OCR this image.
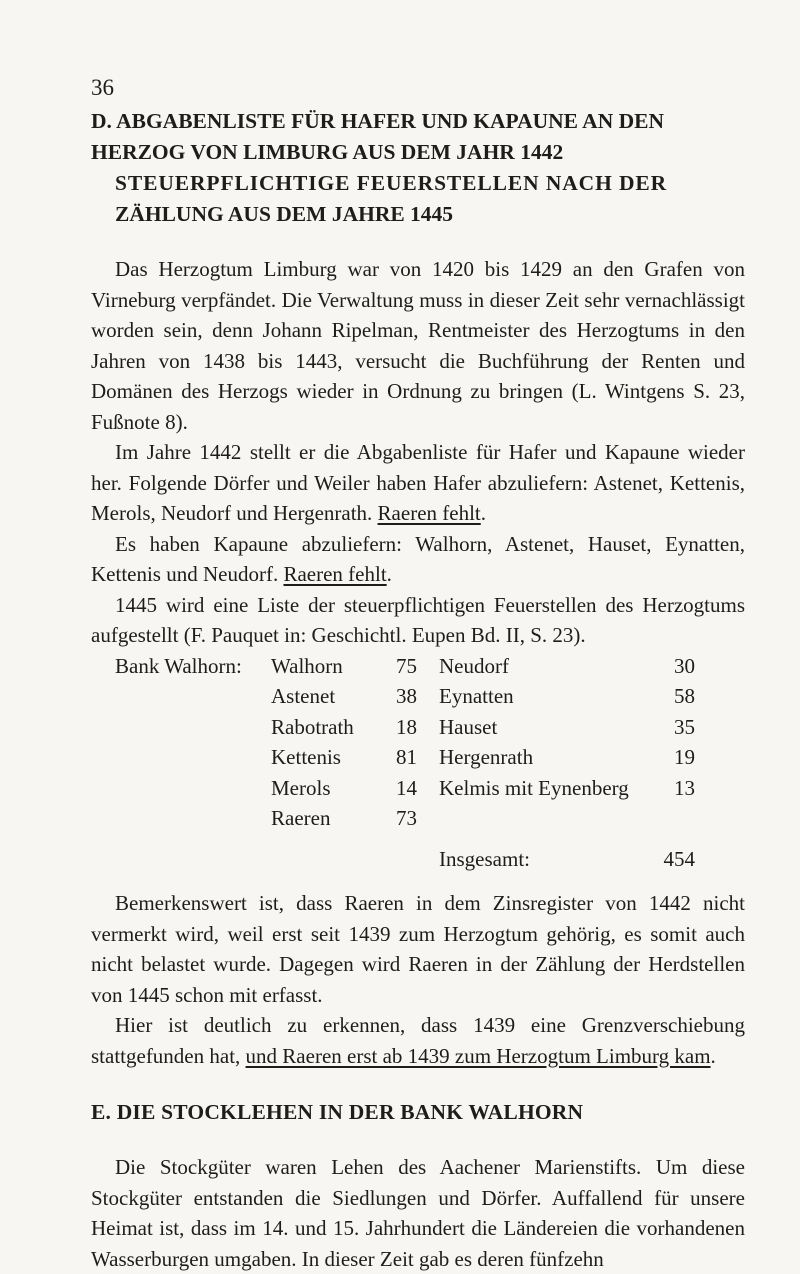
36
D. ABGABENLISTE FÜR HAFER UND KAPAUNE AN DEN
HERZOG VON LIMBURG AUS DEM JAHR 1442
STEUERPFLICHTIGE FEUERSTELLEN NACH DER
ZÄHLUNG AUS DEM JAHRE 1445

Das Herzogtum Limburg war von 1420 bis 1429 an den Grafen von Virneburg verpfändet. Die Verwaltung muss in dieser Zeit sehr vernachlässigt worden sein, denn Johann Ripelman, Rentmeister des Herzogtums in den Jahren von 1438 bis 1443, versucht die Buchführung der Renten und Domänen des Herzogs wieder in Ordnung zu bringen (L. Wintgens S. 23, Fußnote 8).

Im Jahre 1442 stellt er die Abgabenliste für Hafer und Kapaune wieder her. Folgende Dörfer und Weiler haben Hafer abzuliefern: Astenet, Kettenis, Merols, Neudorf und Hergenrath. Raeren fehlt.

Es haben Kapaune abzuliefern: Walhorn, Astenet, Hauset, Eynatten, Kettenis und Neudorf. Raeren fehlt.

1445 wird eine Liste der steuerpflichtigen Feuerstellen des Herzogtums aufgestellt (F. Pauquet in: Geschichtl. Eupen Bd. II, S. 23).

Bank Walhorn:	Walhorn	75		Neudorf	30
	Astenet	38		Eynatten	58
	Rabotrath	18		Hauset	35
	Kettenis	81		Hergenrath	19
	Merols	14		Kelmis mit Eynenberg	13
	Raeren	73			
				Insgesamt:	454

Bemerkenswert ist, dass Raeren in dem Zinsregister von 1442 nicht vermerkt wird, weil erst seit 1439 zum Herzogtum gehörig, es somit auch nicht belastet wurde. Dagegen wird Raeren in der Zählung der Herdstellen von 1445 schon mit erfasst.

Hier ist deutlich zu erkennen, dass 1439 eine Grenzverschiebung stattgefunden hat, und Raeren erst ab 1439 zum Herzogtum Limburg kam.

E. DIE STOCKLEHEN IN DER BANK WALHORN

Die Stockgüter waren Lehen des Aachener Marienstifts. Um diese Stockgüter entstanden die Siedlungen und Dörfer. Auffallend für unsere Heimat ist, dass im 14. und 15. Jahrhundert die Ländereien die vorhandenen Wasserburgen umgaben. In dieser Zeit gab es deren fünfzehn
